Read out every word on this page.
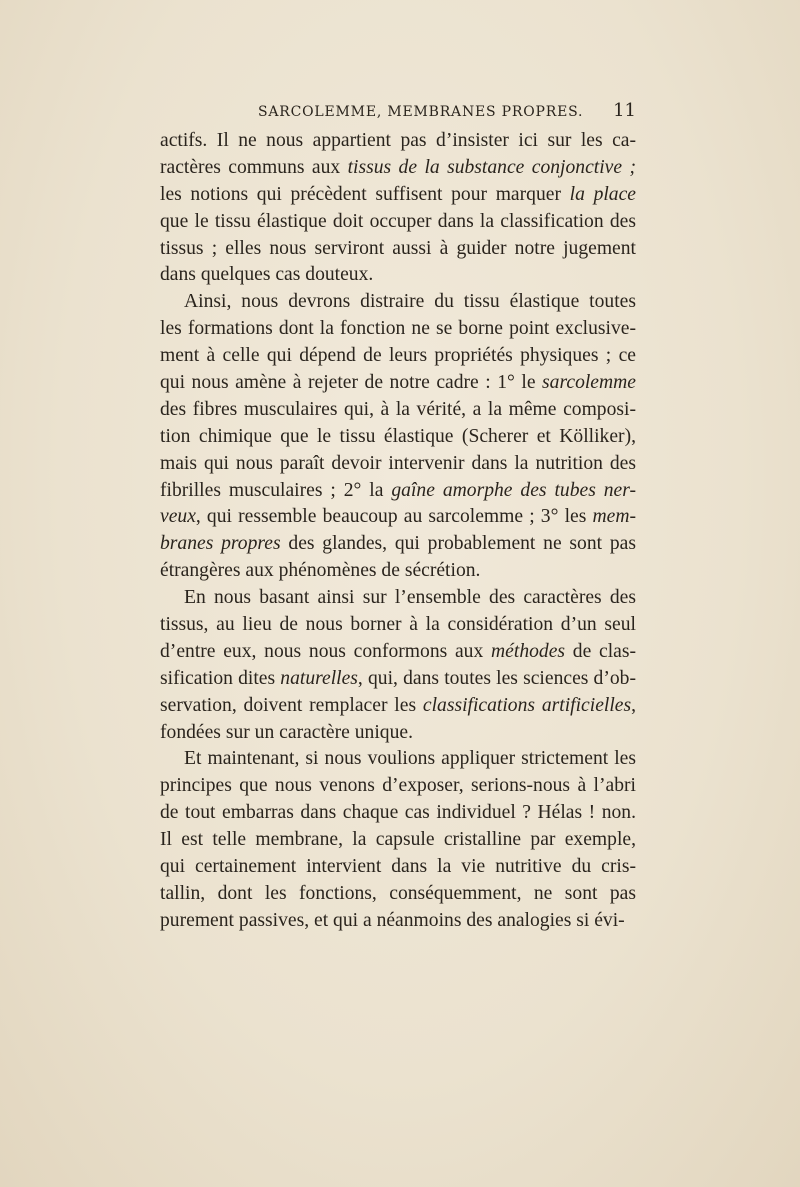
SARCOLEMME, MEMBRANES PROPRES. 11
actifs. Il ne nous appartient pas d’insister ici sur les ca-
ractères communs aux tissus de la substance conjonctive ;
les notions qui précèdent suffisent pour marquer la place
que le tissu élastique doit occuper dans la classification des
tissus ; elles nous serviront aussi à guider notre jugement
dans quelques cas douteux.
Ainsi, nous devrons distraire du tissu élastique toutes
les formations dont la fonction ne se borne point exclusive-
ment à celle qui dépend de leurs propriétés physiques ; ce
qui nous amène à rejeter de notre cadre : 1° le sarcolemme
des fibres musculaires qui, à la vérité, a la même composi-
tion chimique que le tissu élastique (Scherer et Kölliker),
mais qui nous paraît devoir intervenir dans la nutrition des
fibrilles musculaires ; 2° la gaîne amorphe des tubes ner-
veux, qui ressemble beaucoup au sarcolemme ; 3° les mem-
branes propres des glandes, qui probablement ne sont pas
étrangères aux phénomènes de sécrétion.
En nous basant ainsi sur l’ensemble des caractères des
tissus, au lieu de nous borner à la considération d’un seul
d’entre eux, nous nous conformons aux méthodes de clas-
sification dites naturelles, qui, dans toutes les sciences d’ob-
servation, doivent remplacer les classifications artificielles,
fondées sur un caractère unique.
Et maintenant, si nous voulions appliquer strictement les
principes que nous venons d’exposer, serions-nous à l’abri
de tout embarras dans chaque cas individuel ? Hélas ! non.
Il est telle membrane, la capsule cristalline par exemple,
qui certainement intervient dans la vie nutritive du cris-
tallin, dont les fonctions, conséquemment, ne sont pas
purement passives, et qui a néanmoins des analogies si évi-
